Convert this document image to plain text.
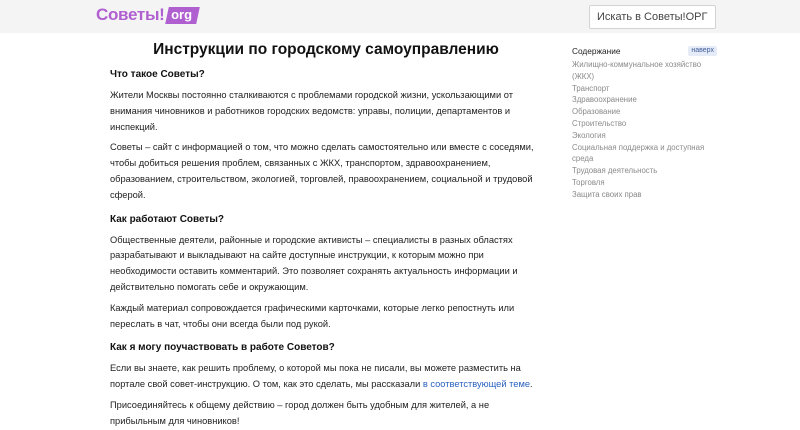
Советы! org
Искать в Советы!ОРГ
Инструкции по городскому самоуправлению
Что такое Советы?

Жители Москвы постоянно сталкиваются с проблемами городской жизни, ускользающими от внимания чиновников и работников городских ведомств: управы, полиции, департаментов и инспекций.

Советы – сайт с информацией о том, что можно сделать самостоятельно или вместе с соседями, чтобы добиться решения проблем, связанных с ЖКХ, транспортом, здравоохранением, образованием, строительством, экологией, торговлей, правоохранением, социальной и трудовой сферой.

Как работают Советы?

Общественные деятели, районные и городские активисты – специалисты в разных областях разрабатывают и выкладывают на сайте доступные инструкции, к которым можно при необходимости оставить комментарий. Это позволяет сохранять актуальность информации и действительно помогать себе и окружающим.

Каждый материал сопровождается графическими карточками, которые легко репостнуть или переслать в чат, чтобы они всегда были под рукой.

Как я могу поучаствовать в работе Советов?

Если вы знаете, как решить проблему, о которой мы пока не писали, вы можете разместить на портале свой совет-инструкцию. О том, как это сделать, мы рассказали в соответствующей теме.

Присоединяйтесь к общему действию – город должен быть удобным для жителей, а не прибыльным для чиновников!

Содержание	наверх
Жилищно-коммунальное хозяйство (ЖКХ)
Транспорт
Здравоохранение
Образование
Строительство
Экология
Социальная поддержка и доступная среда
Трудовая деятельность
Торговля
Защита своих прав
